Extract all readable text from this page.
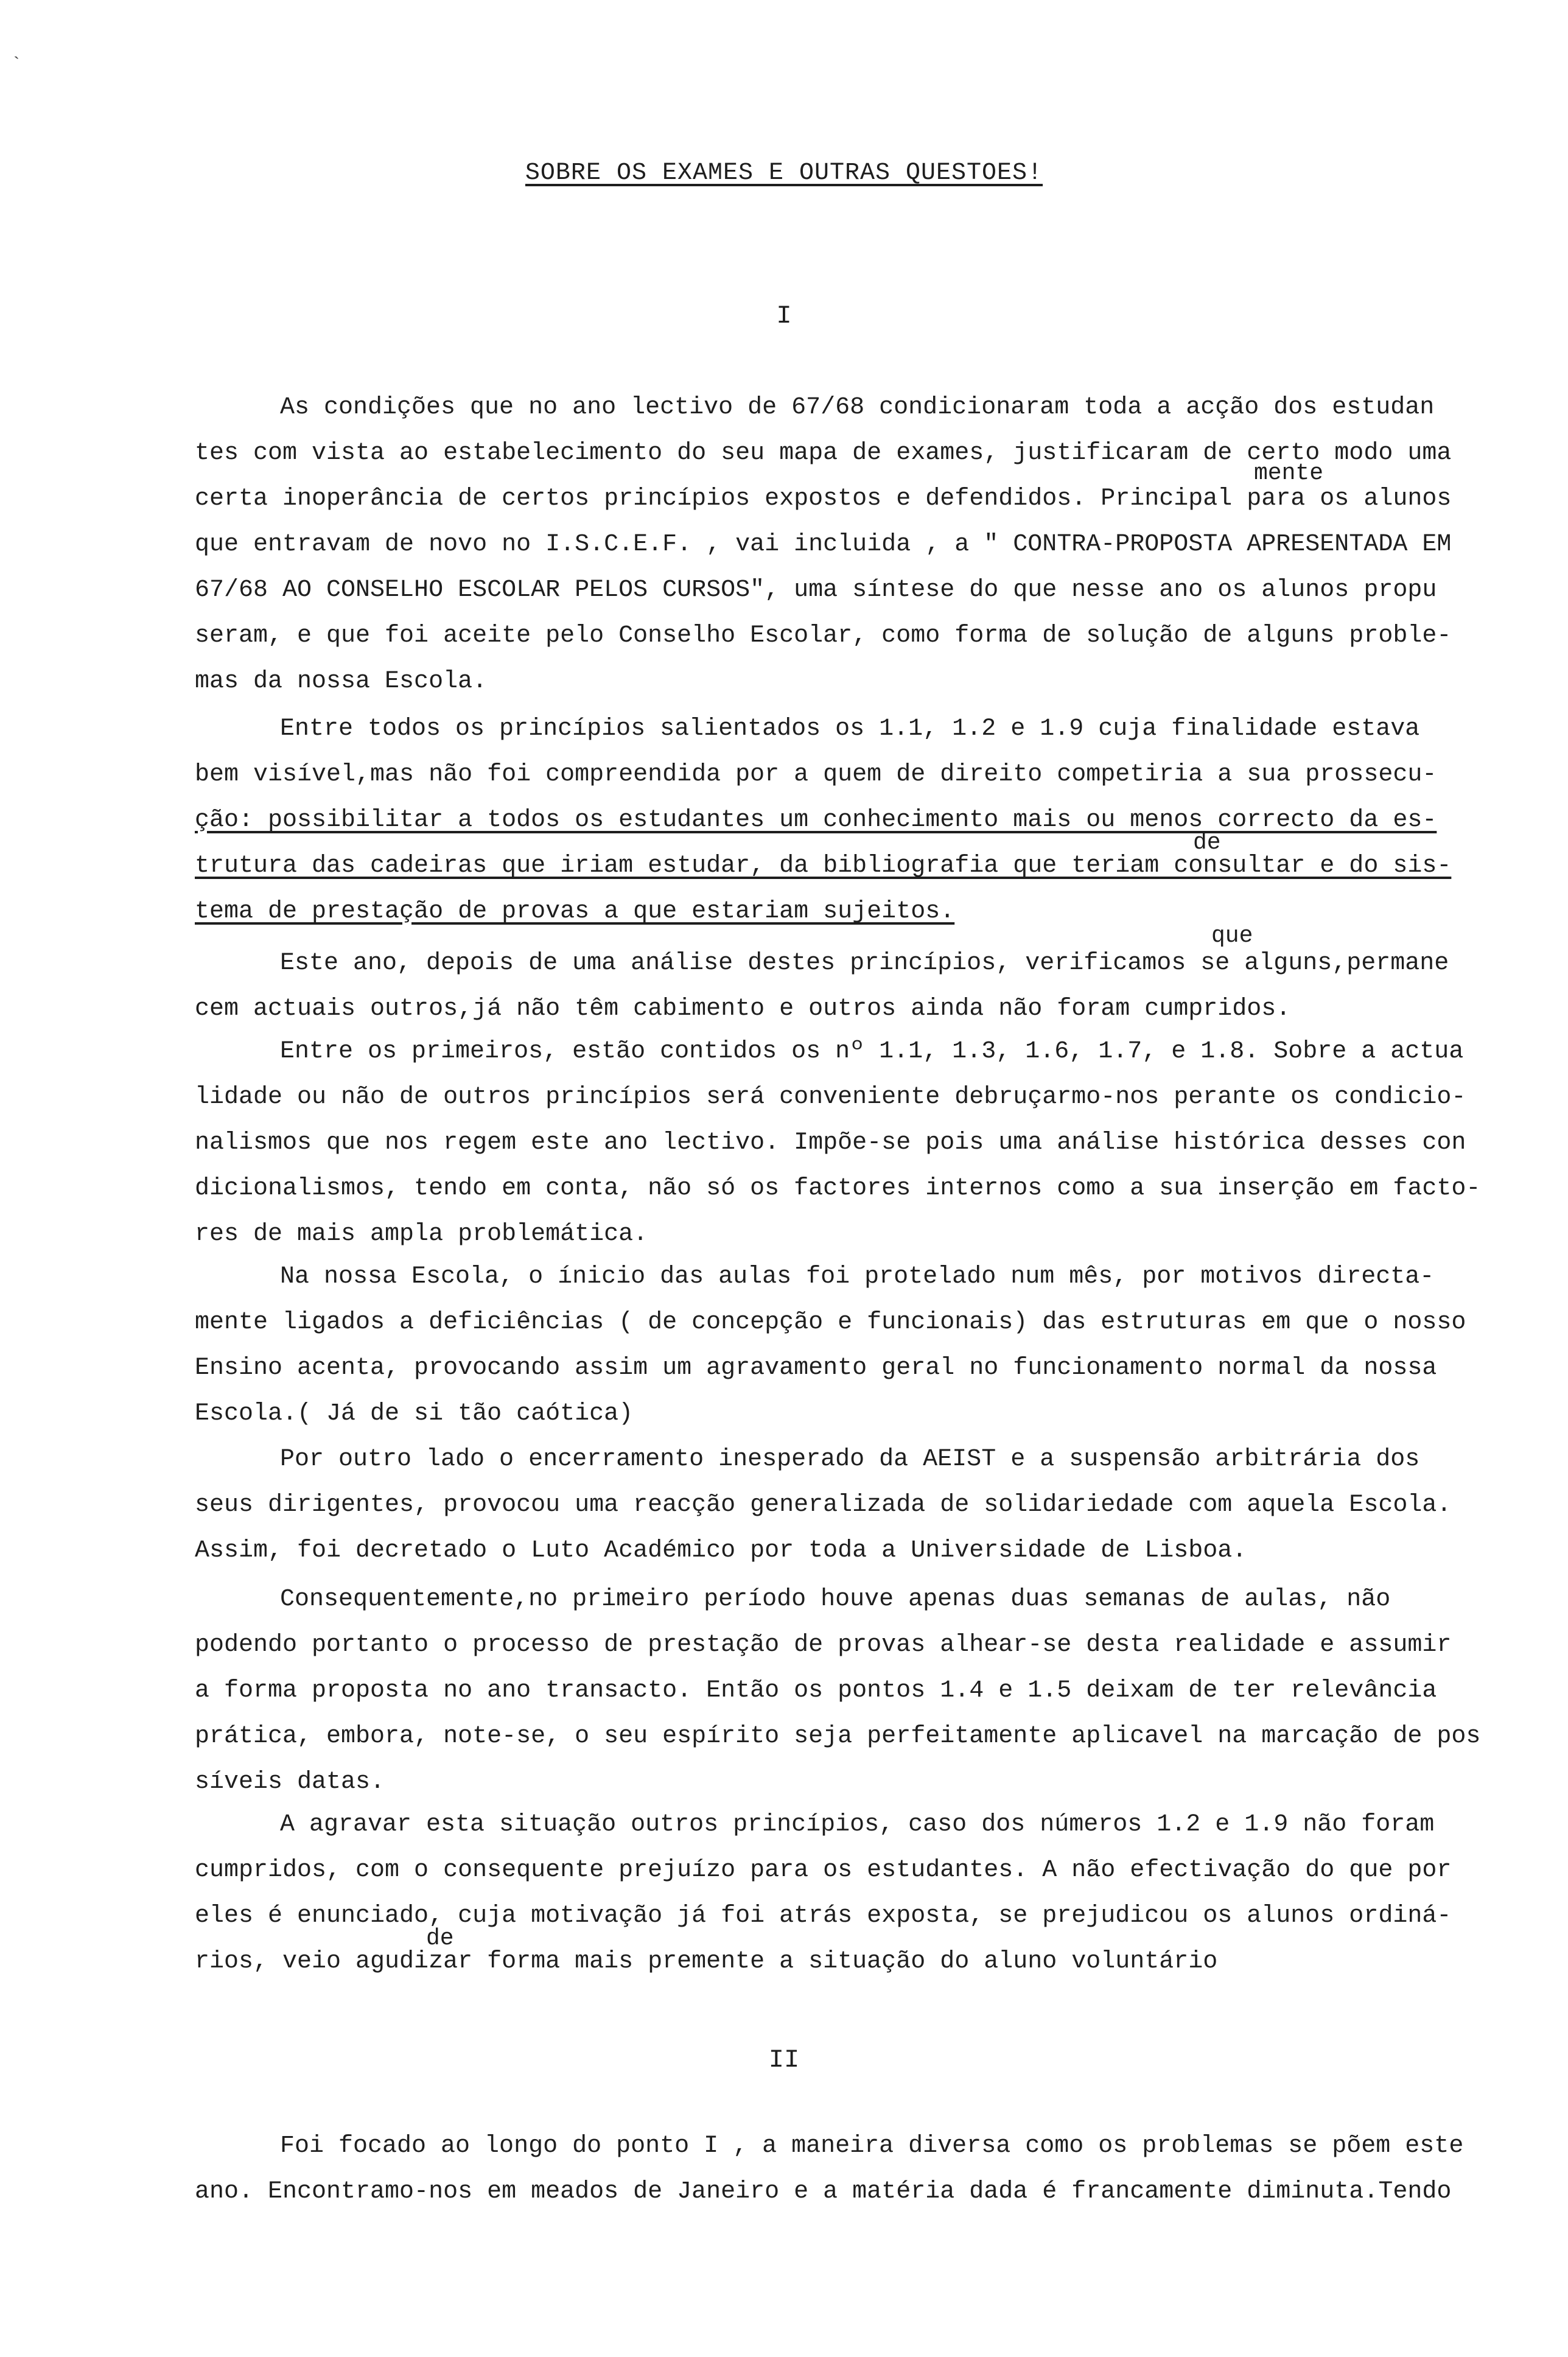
`
SOBRE OS EXAMES E OUTRAS QUESTOES!
I
As condições que no ano lectivo de 67/68 condicionaram toda a acção dos estudan
tes com vista ao estabelecimento do seu mapa de exames, justificaram de certo modo uma
certa inoperância de certos princípios expostos e defendidos. Principal para os alunos
que entravam de novo no I.S.C.E.F. , vai incluida , a " CONTRA-PROPOSTA APRESENTADA EM
67/68 AO CONSELHO ESCOLAR PELOS CURSOS", uma síntese do que nesse ano os alunos propu
seram, e que foi aceite pelo Conselho Escolar, como forma de solução de alguns proble-
mas da nossa Escola.
mente
Entre todos os princípios salientados os 1.1, 1.2 e 1.9 cuja finalidade estava
bem visível,mas não foi compreendida por a quem de direito competiria a sua prossecu-
ção: possibilitar a todos os estudantes um conhecimento mais ou menos correcto da es-
trutura das cadeiras que iriam estudar, da bibliografia que teriam consultar e do sis-
tema de prestação de provas a que estariam sujeitos.
de
Este ano, depois de uma análise destes princípios, verificamos se alguns,permane
cem actuais outros,já não têm cabimento e outros ainda não foram cumpridos.
que
Entre os primeiros, estão contidos os nº 1.1, 1.3, 1.6, 1.7, e 1.8. Sobre a actua
lidade ou não de outros princípios será conveniente debruçarmo-nos perante os condicio-
nalismos que nos regem este ano lectivo. Impõe-se pois uma análise histórica desses con
dicionalismos, tendo em conta, não só os factores internos como a sua inserção em facto-
res de mais ampla problemática.
Na nossa Escola, o ínicio das aulas foi protelado num mês, por motivos directa-
mente ligados a deficiências ( de concepção e funcionais) das estruturas em que o nosso
Ensino acenta, provocando assim um agravamento geral no funcionamento normal da nossa
Escola.( Já de si tão caótica)
Por outro lado o encerramento inesperado da AEIST e a suspensão arbitrária dos
seus dirigentes, provocou uma reacção generalizada de solidariedade com aquela Escola.
Assim, foi decretado o Luto Académico por toda a Universidade de Lisboa.
Consequentemente,no primeiro período houve apenas duas semanas de aulas, não
podendo portanto o processo de prestação de provas alhear-se desta realidade e assumir
a forma proposta no ano transacto. Então os pontos 1.4 e 1.5 deixam de ter relevância
prática, embora, note-se, o seu espírito seja perfeitamente aplicavel na marcação de pos
síveis datas.
A agravar esta situação outros princípios, caso dos números 1.2 e 1.9 não foram
cumpridos, com o consequente prejuízo para os estudantes. A não efectivação do que por
eles é enunciado, cuja motivação já foi atrás exposta, se prejudicou os alunos ordiná-
rios, veio agudizar forma mais premente a situação do aluno voluntário
de
II
Foi focado ao longo do ponto I , a maneira diversa como os problemas se põem este
ano. Encontramo-nos em meados de Janeiro e a matéria dada é francamente diminuta.Tendo
